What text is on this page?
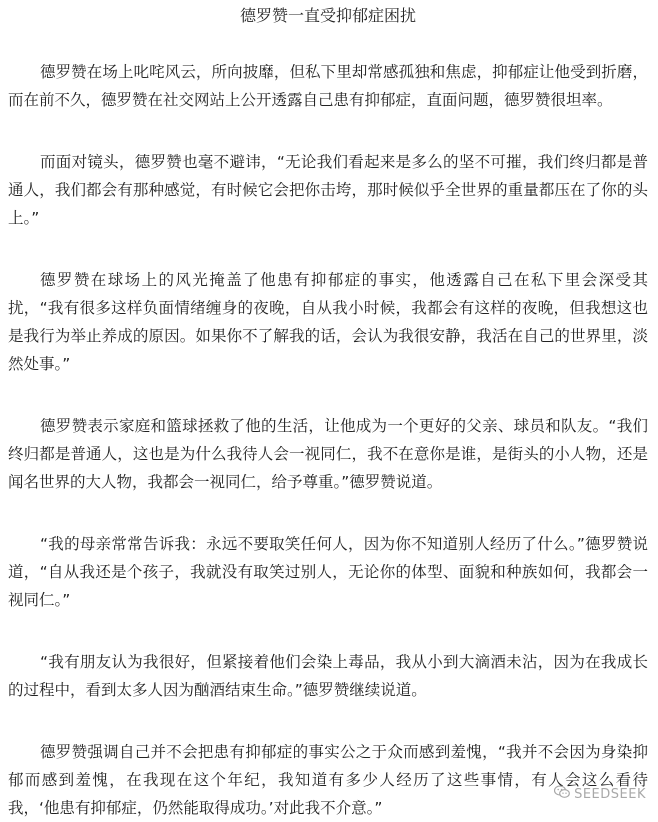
德罗赞一直受抑郁症困扰

德罗赞在场上叱咤风云，所向披靡，但私下里却常感孤独和焦虑，抑郁症让他受到折磨，而在前不久，德罗赞在社交网站上公开透露自己患有抑郁症，直面问题，德罗赞很坦率。

而面对镜头，德罗赞也毫不避讳，“无论我们看起来是多么的坚不可摧，我们终归都是普通人，我们都会有那种感觉，有时候它会把你击垮，那时候似乎全世界的重量都压在了你的头上。”

德罗赞在球场上的风光掩盖了他患有抑郁症的事实，他透露自己在私下里会深受其扰，“我有很多这样负面情绪缠身的夜晚，自从我小时候，我都会有这样的夜晚，但我想这也是我行为举止养成的原因。如果你不了解我的话，会认为我很安静，我活在自己的世界里，淡然处事。”

德罗赞表示家庭和篮球拯救了他的生活，让他成为一个更好的父亲、球员和队友。“我们终归都是普通人，这也是为什么我待人会一视同仁，我不在意你是谁，是街头的小人物，还是闻名世界的大人物，我都会一视同仁，给予尊重。”德罗赞说道。

“我的母亲常常告诉我：永远不要取笑任何人，因为你不知道别人经历了什么。”德罗赞说道，“自从我还是个孩子，我就没有取笑过别人，无论你的体型、面貌和种族如何，我都会一视同仁。”

“我有朋友认为我很好，但紧接着他们会染上毒品，我从小到大滴酒未沾，因为在我成长的过程中，看到太多人因为酗酒结束生命。”德罗赞继续说道。

德罗赞强调自己并不会把患有抑郁症的事实公之于众而感到羞愧，“我并不会因为身染抑郁而感到羞愧，在我现在这个年纪，我知道有多少人经历了这些事情，有人会这么看待我，‘他患有抑郁症，仍然能取得成功。’对此我不介意。”

SEEDSEEK
